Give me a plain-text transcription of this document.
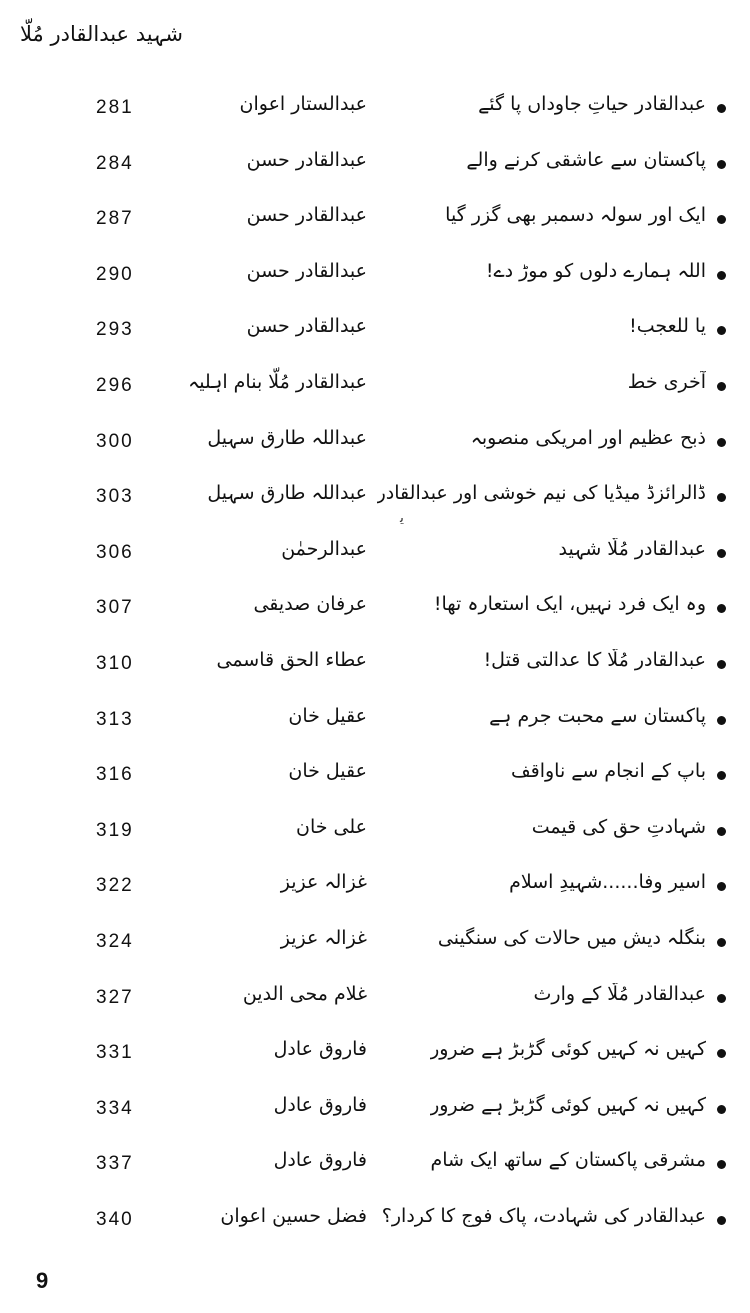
شہید عبدالقادر مُلّا
عبدالقادر حیاتِ جاوداں پا گئے
عبدالستار اعوان
281
پاکستان سے عاشقی کرنے والے
عبدالقادر حسن
284
ایک اور سولہ دسمبر بھی گزر گیا
عبدالقادر حسن
287
اللہ ہمارے دلوں کو موڑ دے!
عبدالقادر حسن
290
یا للعجب!
عبدالقادر حسن
293
آخری خط
عبدالقادر مُلّا بنام اہلیہ
296
ذبحِ عظیم اور امریکی منصوبہ
عبداللہ طارق سہیل
300
ڈالرائزڈ میڈیا کی نیم خوشی اور عبدالقادر
عبداللہ طارق سہیل
303
عبدالقادر مُلّا شہید
عبدالرحمٰن
306
وہ ایک فرد نہیں، ایک استعارہ تھا!
عرفان صدیقی
307
عبدالقادر مُلّا کا عدالتی قتل!
عطاء الحق قاسمی
310
پاکستان سے محبت جرم ہے
عقیل خان
313
باپ کے انجام سے ناواقف
عقیل خان
316
شہادتِ حق کی قیمت
علی خان
319
اسیرِ وفا......شہیدِ اسلام
غزالہ عزیز
322
بنگلہ دیش میں حالات کی سنگینی
غزالہ عزیز
324
عبدالقادر مُلّا کے وارث
غلام محی الدین
327
کہیں نہ کہیں کوئی گڑبڑ ہے ضرور
فاروق عادل
331
کہیں نہ کہیں کوئی گڑبڑ ہے ضرور
فاروق عادل
334
مشرقی پاکستان کے ساتھ ایک شام
فاروق عادل
337
عبدالقادر کی شہادت، پاک فوج کا کردار؟
فضل حسین اعوان
340
ﯾ
9
